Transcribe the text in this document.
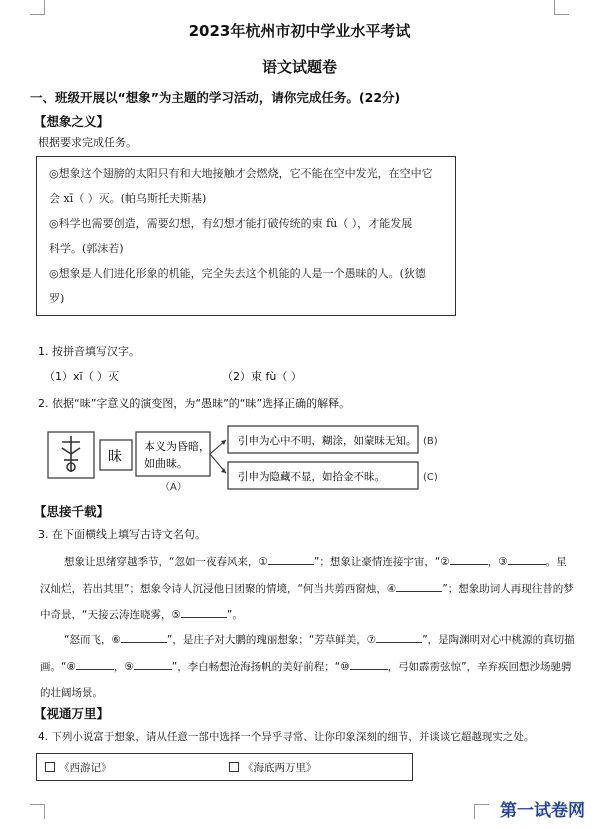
2023年杭州市初中学业水平考试
语文试题卷
一、班级开展以“想象”为主题的学习活动，请你完成任务。(22分)
【想象之义】
根据要求完成任务。
◎想象这个翅膀的太阳只有和大地接触才会燃烧，它不能在空中发光，在空中它
会 xī（ ）灭。(帕乌斯托夫斯基)
◎科学也需要创造，需要幻想，有幻想才能打破传统的束 fù（ ），才能发展
科学。(郭沫若)
◎想象是人们进化形象的机能，完全失去这个机能的人是一个愚昧的人。(狄德
罗)
1. 按拼音填写汉字。
（1）xī（ ）灭	（2）束 fù（ ）
2. 依据“昧”字意义的演变图，为“愚昧”的“昧”选择正确的解释。
昧
本义为昏暗，
如曲昧。
（A）
引申为心中不明，糊涂，如蒙昧无知。 (B)
引申为隐藏不显，如拾金不昧。	(C)
【思接千载】
3. 在下面横线上填写古诗文名句。
想象让思绪穿越季节，“忽如一夜春风来，①	”；想象让豪情连接宇宙，“②	，③	。星汉灿烂，若出其里”；想象令诗人沉浸他日团聚的情境，“何当共剪西窗烛，④	”；想象助词人再现往昔的梦中奇景，“天接云涛连晓雾，⑤	”。
“怒而飞，⑥	”，是庄子对大鹏的瑰丽想象；“芳草鲜美，⑦	”，是陶渊明对心中桃源的真切描画。“⑧	，⑨	”，李白畅想沧海扬帆的美好前程；“⑩	，弓如霹雳弦惊”，辛弃疾回想沙场驰骋的壮阔场景。
【视通万里】
4. 下列小说富于想象，请从任意一部中选择一个异乎寻常、让你印象深刻的细节，并谈谈它超越现实之处。
《西游记》	《海底两万里》
第一试卷网
